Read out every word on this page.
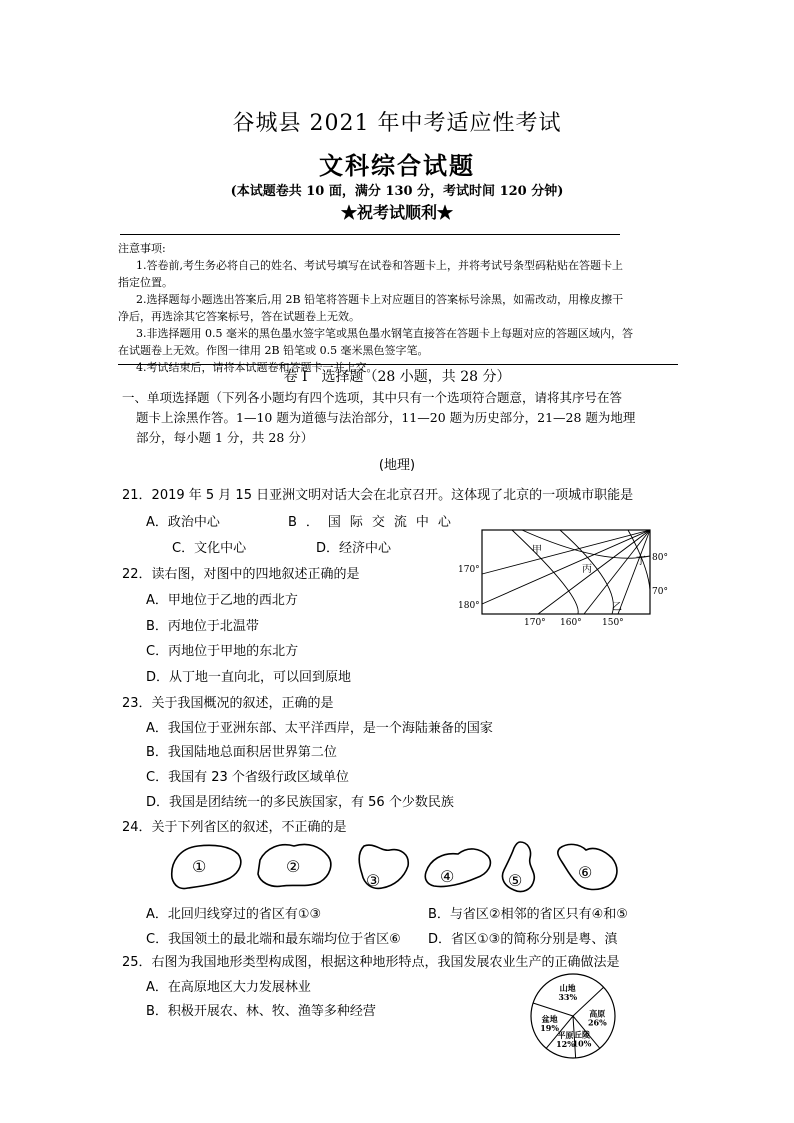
谷城县 2021 年中考适应性考试
文科综合试题
(本试题卷共 10 面，满分 130 分，考试时间 120 分钟)
★祝考试顺利★
注意事项:
1.答卷前,考生务必将自己的姓名、考试号填写在试卷和答题卡上，并将考试号条型码粘贴在答题卡上
指定位置。
2.选择题每小题选出答案后,用 2B 铅笔将答题卡上对应题目的答案标号涂黑，如需改动，用橡皮擦干
净后，再选涂其它答案标号，答在试题卷上无效。
3.非选择题用 0.5 毫米的黑色墨水签字笔或黑色墨水钢笔直接答在答题卡上每题对应的答题区域内，答
在试题卷上无效。作图一律用 2B 铅笔或 0.5 毫米黑色签字笔。
4.考试结束后，请将本试题卷和答题卡一并上交。
卷 I　选择题（28 小题，共 28 分）
一、单项选择题（下列各小题均有四个选项，其中只有一个选项符合题意，请将其序号在答
题卡上涂黑作答。1—10 题为道德与法治部分，11—20 题为历史部分，21—28 题为地理
部分，每小题 1 分，共 28 分）
(地理)
21．2019 年 5 月 15 日亚洲文明对话大会在北京召开。这体现了北京的一项城市职能是
A．政治中心	B．国际交流中心
C．文化中心	D．经济中心
22．读右图，对图中的四地叙述正确的是
A．甲地位于乙地的西北方
B．丙地位于北温带
C．丙地位于甲地的东北方
D．从丁地一直向北，可以回到原地
甲
乙
丙
丁
170°
180°
80°
70°
170° 160° 150°
23．关于我国概况的叙述，正确的是
A．我国位于亚洲东部、太平洋西岸，是一个海陆兼备的国家
B．我国陆地总面积居世界第二位
C．我国有 23 个省级行政区域单位
D．我国是团结统一的多民族国家，有 56 个少数民族
24．关于下列省区的叙述，不正确的是
①	②
③	④	⑤	⑥
A．北回归线穿过的省区有①③	B．与省区②相邻的省区只有④和⑤
C．我国领土的最北端和最东端均位于省区⑥ D．省区①③的简称分别是粤、滇
25．右图为我国地形类型构成图，根据这种地形特点，我国发展农业生产的正确做法是
A．在高原地区大力发展林业
B．积极开展农、林、牧、渔等多种经营
山地
33%
高原
26%
丘陵
10%
平原
12%
盆地
19%
